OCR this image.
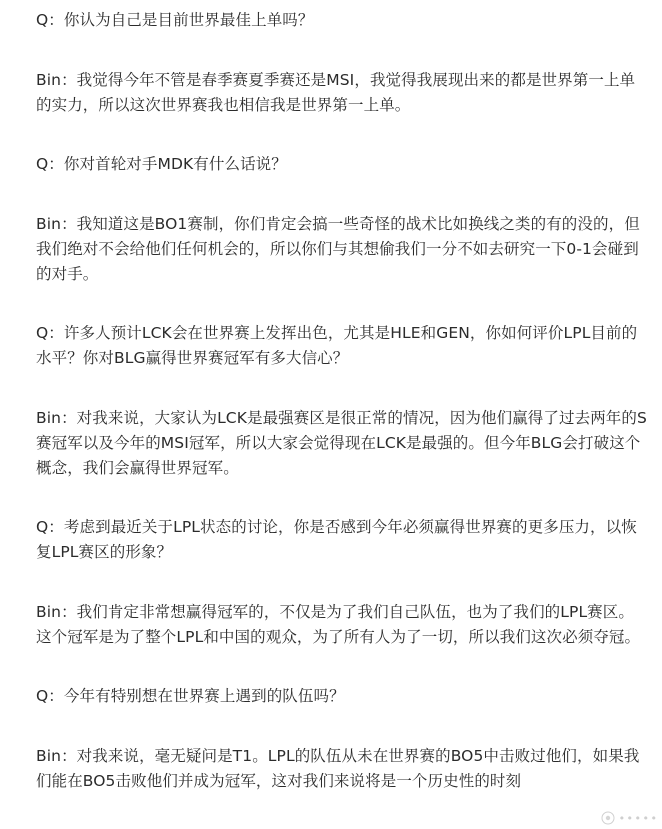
Q：你认为自己是目前世界最佳上单吗？

Bin：我觉得今年不管是春季赛夏季赛还是MSI，我觉得我展现出来的都是世界第一上单的实力，所以这次世界赛我也相信我是世界第一上单。

Q：你对首轮对手MDK有什么话说？

Bin：我知道这是BO1赛制，你们肯定会搞一些奇怪的战术比如换线之类的有的没的，但我们绝对不会给他们任何机会的，所以你们与其想偷我们一分不如去研究一下0-1会碰到的对手。

Q：许多人预计LCK会在世界赛上发挥出色，尤其是HLE和GEN，你如何评价LPL目前的水平？你对BLG赢得世界赛冠军有多大信心？

Bin：对我来说，大家认为LCK是最强赛区是很正常的情况，因为他们赢得了过去两年的S赛冠军以及今年的MSI冠军，所以大家会觉得现在LCK是最强的。但今年BLG会打破这个概念，我们会赢得世界冠军。

Q：考虑到最近关于LPL状态的讨论，你是否感到今年必须赢得世界赛的更多压力，以恢复LPL赛区的形象？

Bin：我们肯定非常想赢得冠军的，不仅是为了我们自己队伍，也为了我们的LPL赛区。这个冠军是为了整个LPL和中国的观众，为了所有人为了一切，所以我们这次必须夺冠。

Q：今年有特别想在世界赛上遇到的队伍吗？

Bin：对我来说，毫无疑问是T1。LPL的队伍从未在世界赛的BO5中击败过他们，如果我们能在BO5击败他们并成为冠军，这对我们来说将是一个历史性的时刻

• • • • •
